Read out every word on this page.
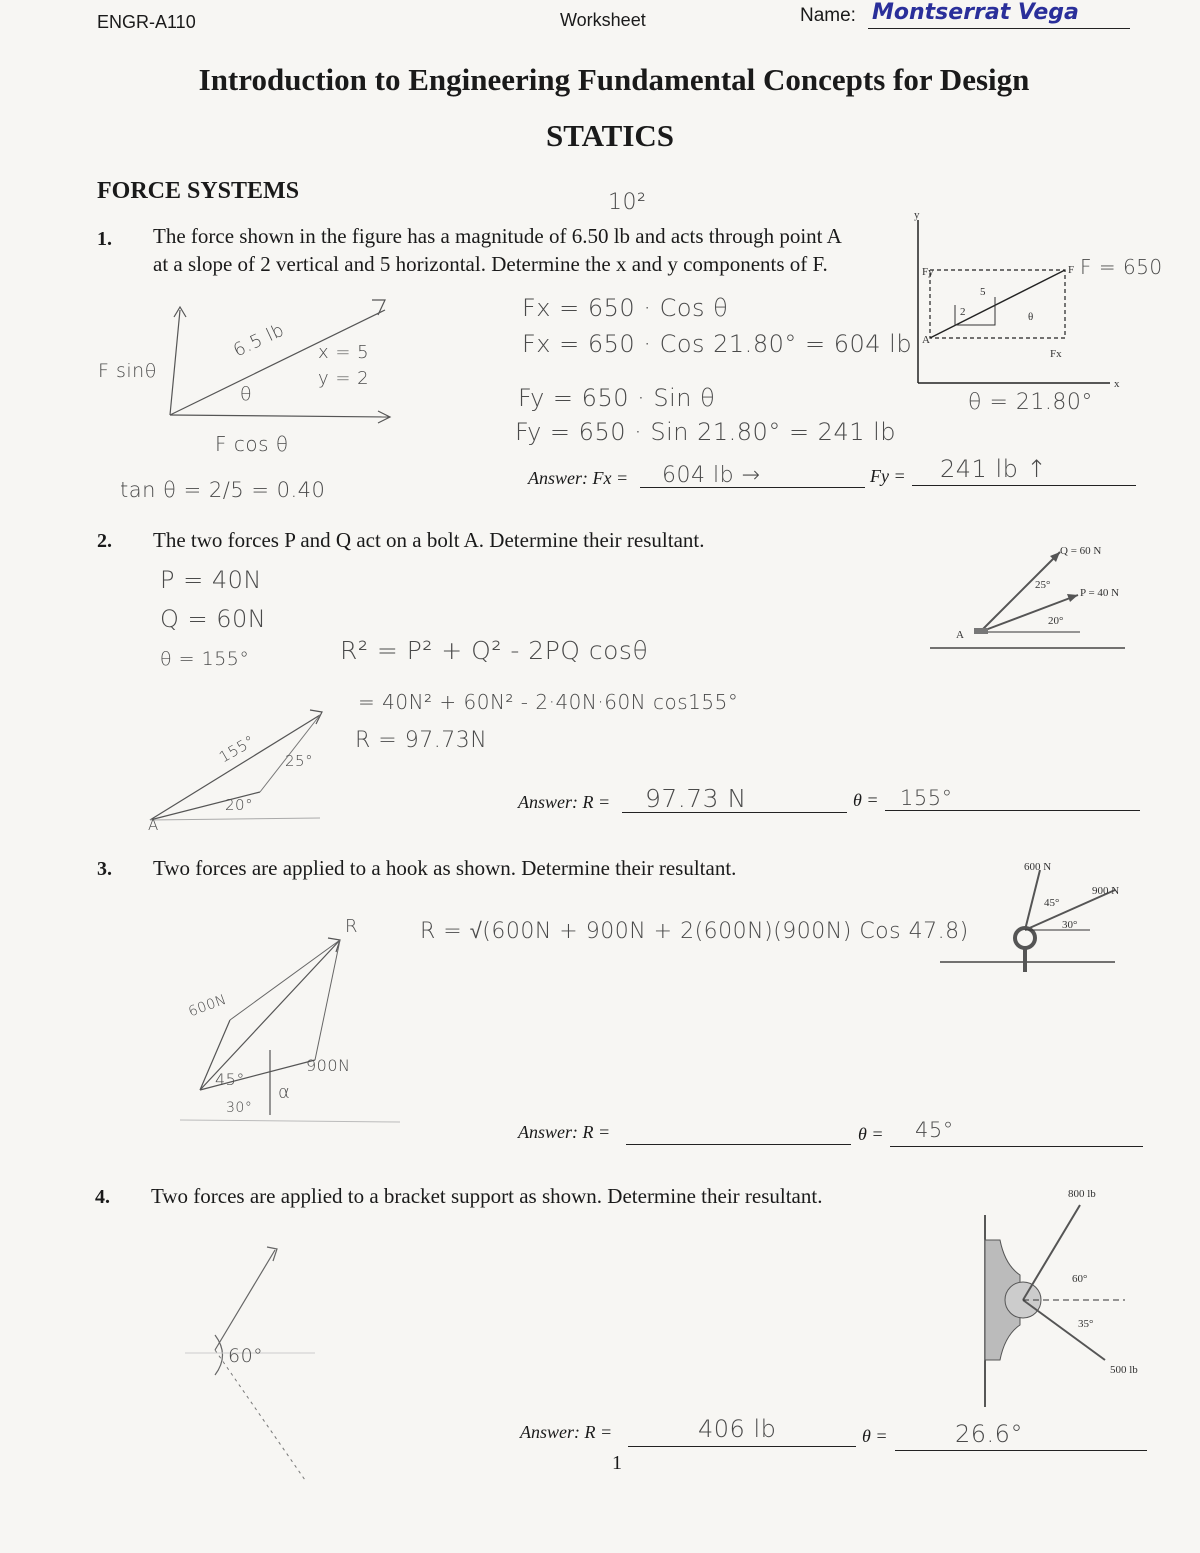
ENGR-A110	Worksheet	Name: Montserrat Vega
Introduction to Engineering Fundamental Concepts for Design
STATICS
FORCE SYSTEMS	10²
1. The force shown in the figure has a magnitude of 6.50 lb and acts through point A
at a slope of 2 vertical and 5 horizontal. Determine the x and y components of F.
y
x
Fy
Fx
A
F
2
5
θ
F = 650
θ = 21.80°
6.5 lb
F sinθ
θ
x = 5
y = 2
F cos θ
tan θ = 2/5 = 0.40
Fx = 650 · Cos θ
Fx = 650 · Cos 21.80° = 604 lb
Fy = 650 · Sin θ
Fy = 650 · Sin 21.80° = 241 lb
Answer: Fx = 604 lb →	Fy = 241 lb ↑
2. The two forces P and Q act on a bolt A. Determine their resultant.	Q = 60 N
P = 40 N
25°
20°
A
P = 40N
Q = 60N
θ = 155°	R² = P² + Q² - 2PQ cosθ
= 40N² + 60N² - 2·40N·60N cos155°
R = 97.73N
155° 25°
20°
A
Answer: R = 97.73 N	θ = 155°
3. Two forces are applied to a hook as shown. Determine their resultant.	600 N
900 N
45°
30°
R = √(600N + 900N + 2(600N)(900N) Cos 47.8)
R
600N
900N
45°
30°
α
Answer: R =	θ = 45°
4. Two forces are applied to a bracket support as shown. Determine their resultant.	800 lb
500 lb
60°
35°
60°
Answer: R =	406 lb	θ =	26.6°
1
